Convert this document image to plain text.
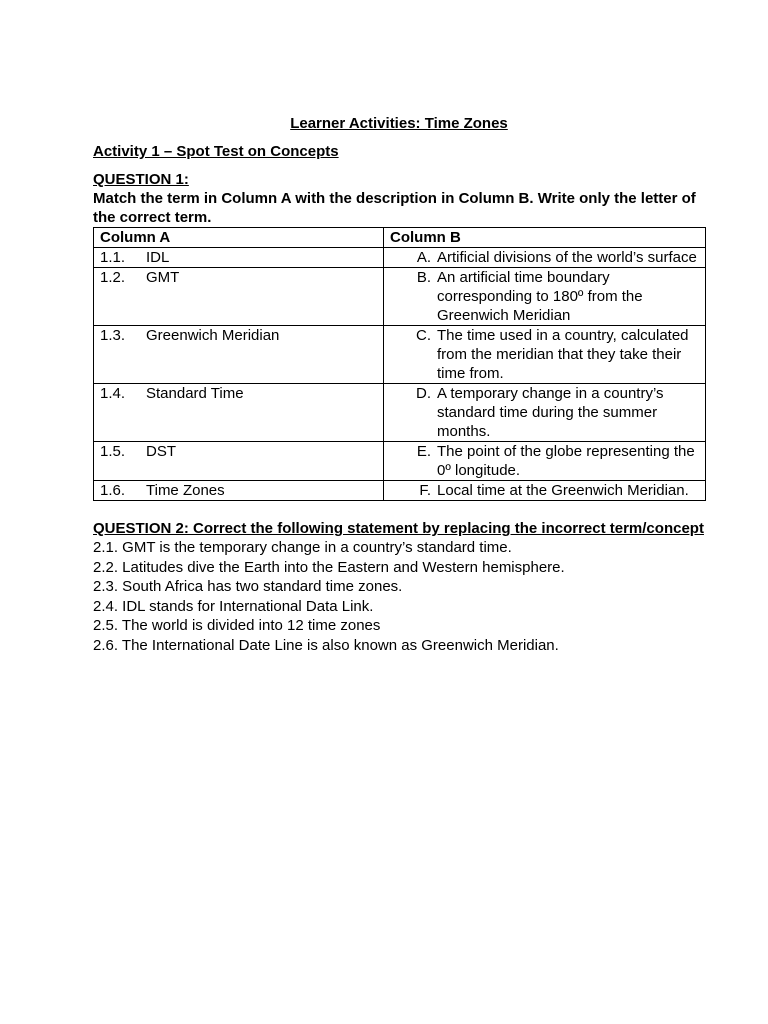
Learner Activities: Time Zones

Activity 1 – Spot Test on Concepts
QUESTION 1:
Match the term in Column A with the description in Column B. Write only the letter of the correct term.
Column A	Column B
1.1. IDL	A. Artificial divisions of the world’s surface

1.2. GMT	B. An artificial time boundary corresponding to 180º from the Greenwich Meridian

1.3. Greenwich Meridian	C. The time used in a country, calculated from the meridian that they take their time from.

1.4. Standard Time	D. A temporary change in a country’s standard time during the summer months.

1.5. DST	E. The point of the globe representing the 0º longitude.

1.6. Time Zones	F. Local time at the Greenwich Meridian.
QUESTION 2: Correct the following statement by replacing the incorrect term/concept
2.1. GMT is the temporary change in a country’s standard time.
2.2. Latitudes dive the Earth into the Eastern and Western hemisphere.
2.3. South Africa has two standard time zones.
2.4. IDL stands for International Data Link.
2.5. The world is divided into 12 time zones
2.6. The International Date Line is also known as Greenwich Meridian.
